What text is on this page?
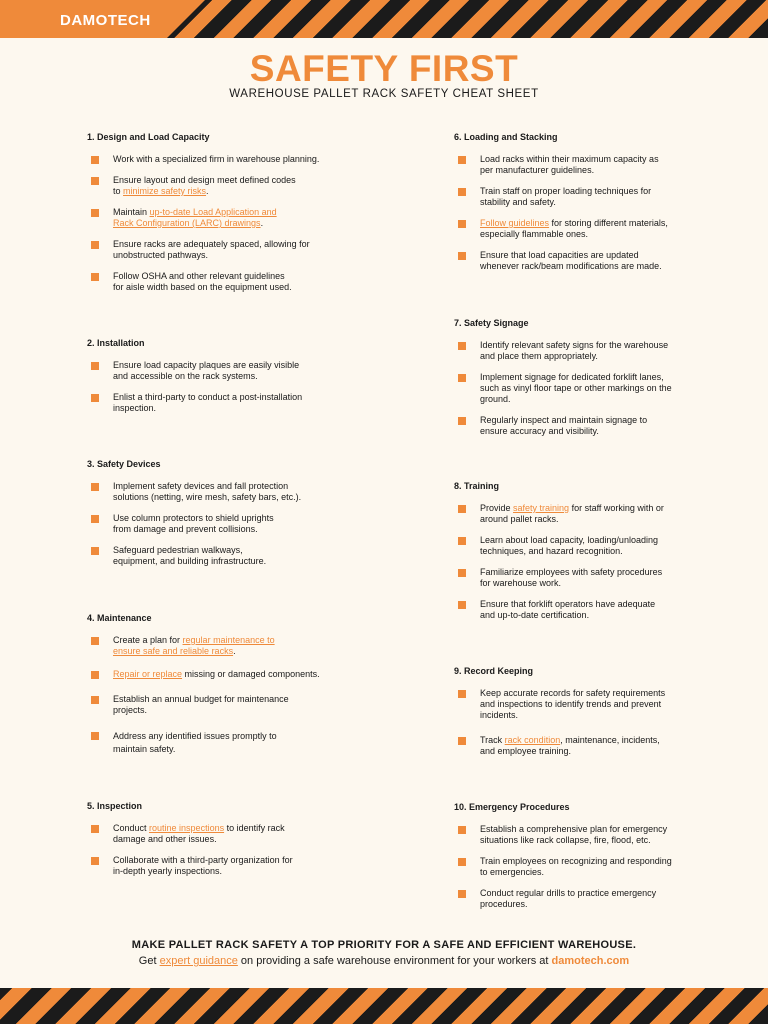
DAMOTECH
SAFETY FIRST
WAREHOUSE PALLET RACK SAFETY CHEAT SHEET
1. Design and Load Capacity
Work with a specialized firm in warehouse planning.
Ensure layout and design meet defined codes
to minimize safety risks.
Maintain up-to-date Load Application and
Rack Configuration (LARC) drawings.
Ensure racks are adequately spaced, allowing for
unobstructed pathways.
Follow OSHA and other relevant guidelines
for aisle width based on the equipment used.
2. Installation
Ensure load capacity plaques are easily visible
and accessible on the rack systems.
Enlist a third-party to conduct a post-installation
inspection.
3. Safety Devices
Implement safety devices and fall protection
solutions (netting, wire mesh, safety bars, etc.).
Use column protectors to shield uprights
from damage and prevent collisions.
Safeguard pedestrian walkways,
equipment, and building infrastructure.
4. Maintenance
Create a plan for regular maintenance to
ensure safe and reliable racks.
Repair or replace missing or damaged components.
Establish an annual budget for maintenance
projects.
Address any identified issues promptly to
maintain safety.
5. Inspection
Conduct routine inspections to identify rack
damage and other issues.
Collaborate with a third-party organization for
in-depth yearly inspections.
6. Loading and Stacking
Load racks within their maximum capacity as
per manufacturer guidelines.
Train staff on proper loading techniques for
stability and safety.
Follow guidelines for storing different materials,
especially flammable ones.
Ensure that load capacities are updated
whenever rack/beam modifications are made.
7. Safety Signage
Identify relevant safety signs for the warehouse
and place them appropriately.
Implement signage for dedicated forklift lanes,
such as vinyl floor tape or other markings on the
ground.
Regularly inspect and maintain signage to
ensure accuracy and visibility.
8. Training
Provide safety training for staff working with or
around pallet racks.
Learn about load capacity, loading/unloading
techniques, and hazard recognition.
Familiarize employees with safety procedures
for warehouse work.
Ensure that forklift operators have adequate
and up-to-date certification.
9. Record Keeping
Keep accurate records for safety requirements
and inspections to identify trends and prevent
incidents.
Track rack condition, maintenance, incidents,
and employee training.
10. Emergency Procedures
Establish a comprehensive plan for emergency
situations like rack collapse, fire, flood, etc.
Train employees on recognizing and responding
to emergencies.
Conduct regular drills to practice emergency
procedures.
MAKE PALLET RACK SAFETY A TOP PRIORITY FOR A SAFE AND EFFICIENT WAREHOUSE.
Get expert guidance on providing a safe warehouse environment for your workers at damotech.com
